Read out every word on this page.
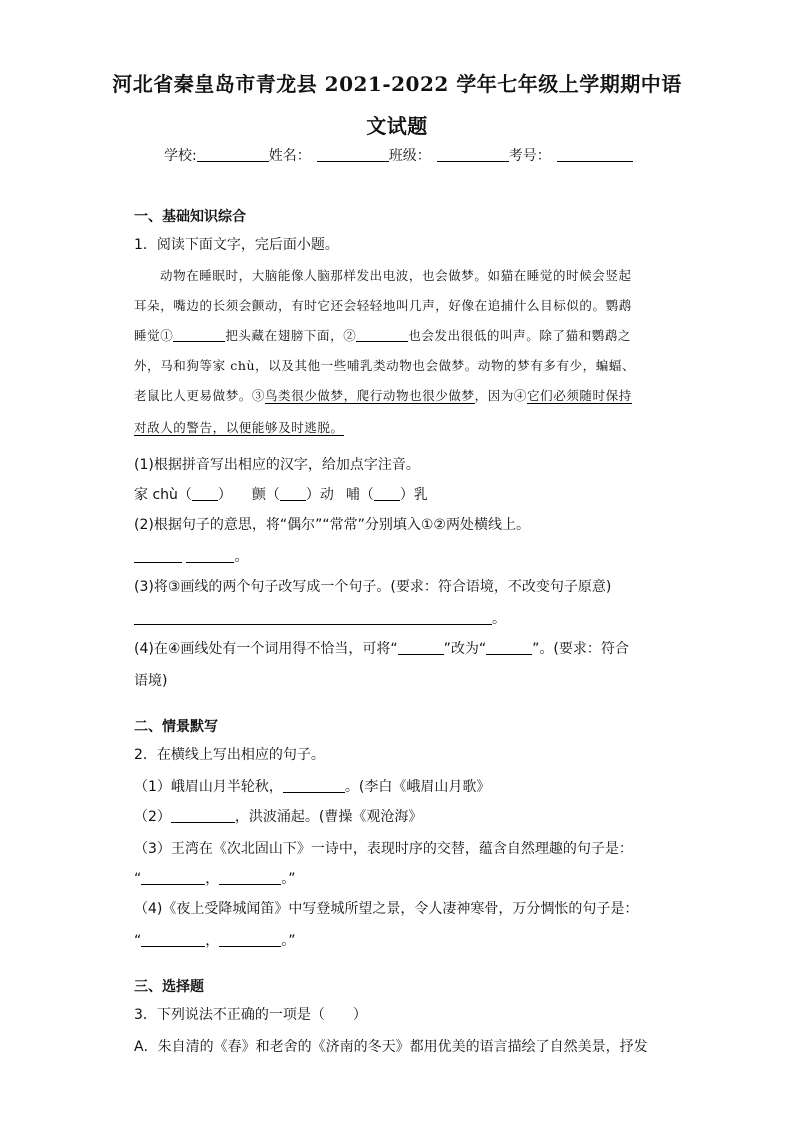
河北省秦皇岛市青龙县 2021-2022 学年七年级上学期期中语
文试题
学校:	姓名：	班级：	考号：
一、基础知识综合
1．阅读下面文字，完后面小题。
动物在睡眠时，大脑能像人脑那样发出电波，也会做梦。如猫在睡觉的时候会竖起
耳朵，嘴边的长须会颤动，有时它还会轻轻地叫几声，好像在追捕什么目标似的。鹦鹉
睡觉①	把头藏在翅膀下面，②	也会发出很低的叫声。除了猫和鹦鹉之
外，马和狗等家 chù，以及其他一些哺乳类动物也会做梦。动物的梦有多有少，蝙蝠、
老鼠比人更易做梦。③鸟类很少做梦，爬行动物也很少做梦，因为④它们必须随时保持
对敌人的警告，以便能够及时逃脱。
(1)根据拼音写出相应的汉字，给加点字注音。
家 chù（ ） 颤（ ）动 哺（ ）乳
(2)根据句子的意思，将“偶尔”“常常”分别填入①②两处横线上。
。
(3)将③画线的两个句子改写成一个句子。(要求：符合语境，不改变句子原意)
。
(4)在④画线处有一个词用得不恰当，可将“	”改为“	”。(要求：符合
语境)
二、情景默写
2．在横线上写出相应的句子。
（1）峨眉山月半轮秋，	。(李白《峨眉山月歌》
（2）	，洪波涌起。(曹操《观沧海》
（3）王湾在《次北固山下》一诗中，表现时序的交替，蕴含自然理趣的句子是：
“	，	。”
（4)《夜上受降城闻笛》中写登城所望之景，令人凄神寒骨，万分惆怅的句子是：
“	，	。”
三、选择题
3．下列说法不正确的一项是（　　）
A．朱自清的《春》和老舍的《济南的冬天》都用优美的语言描绘了自然美景，抒发
